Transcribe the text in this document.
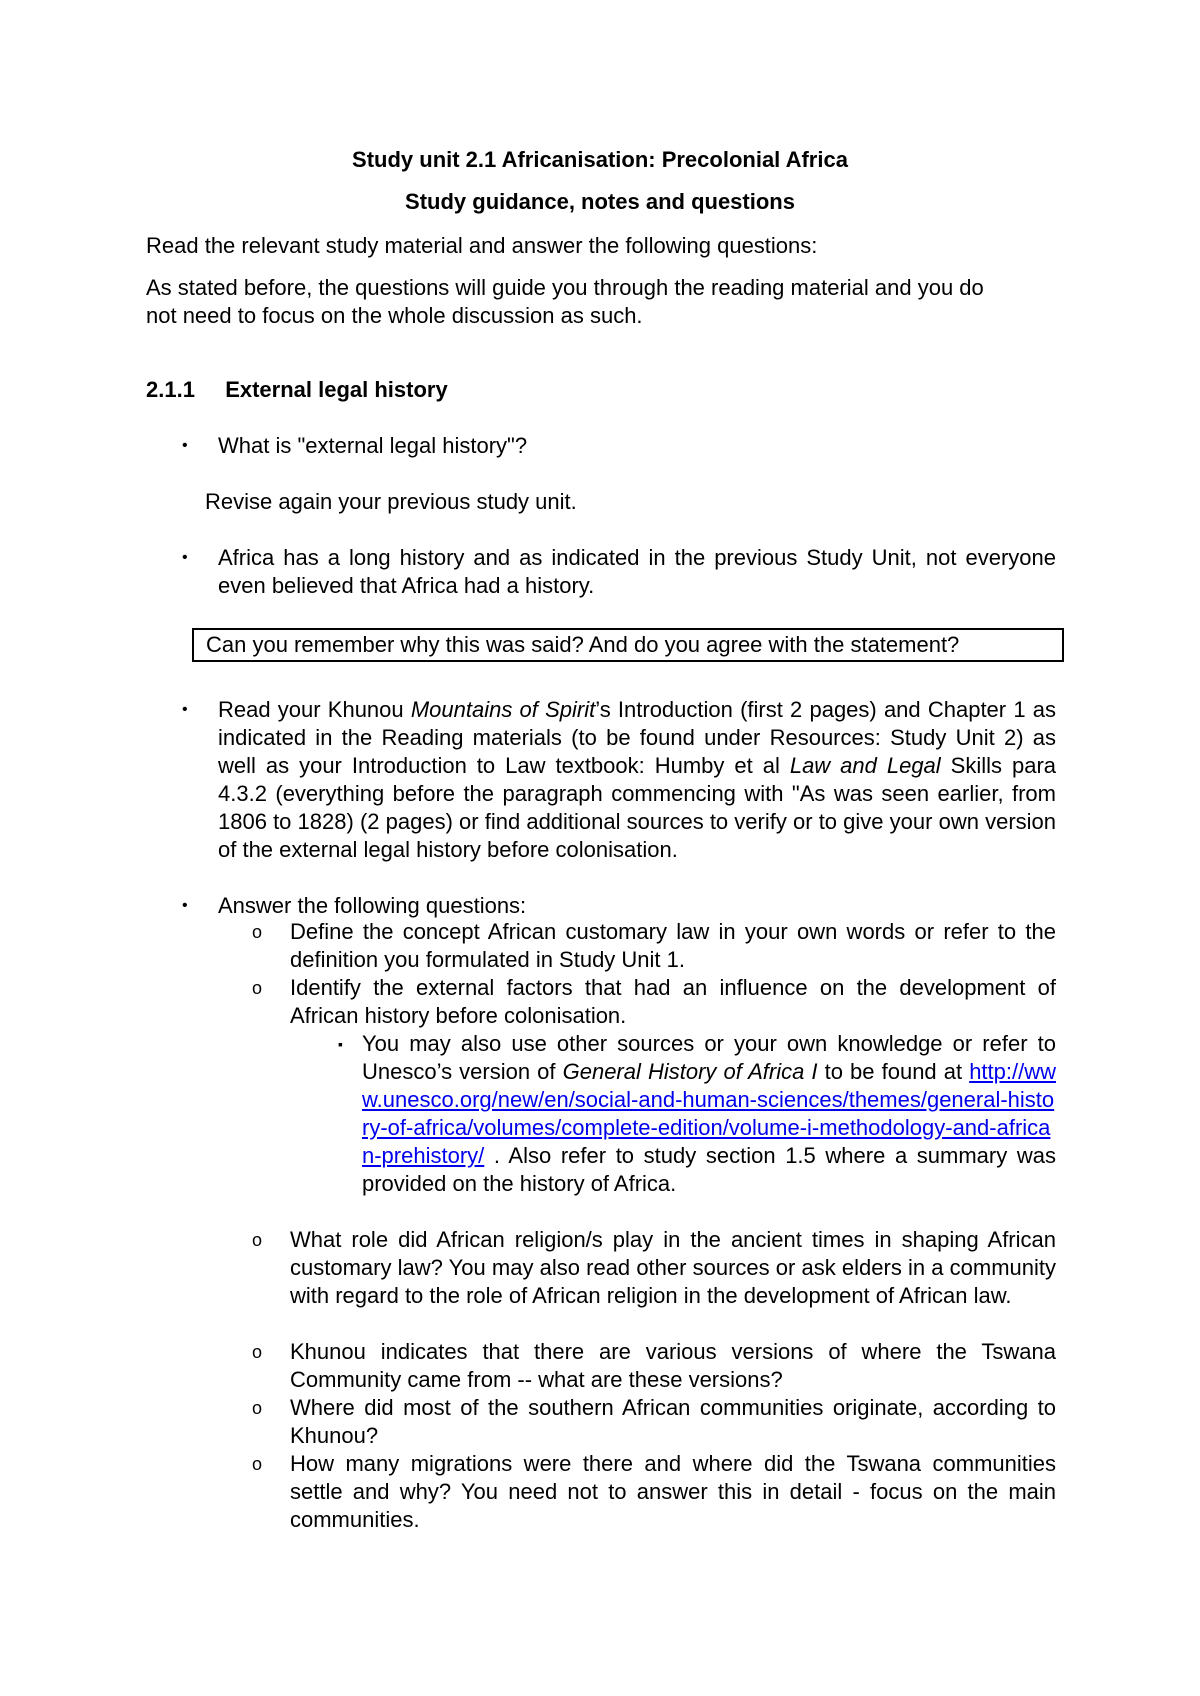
Study unit 2.1 Africanisation: Precolonial Africa

Study guidance, notes and questions

Read the relevant study material and answer the following questions:

As stated before, the questions will guide you through the reading material and you do

not need to focus on the whole discussion as such.

2.1.1 External legal history
• What is "external legal history"?

Revise again your previous study unit.

• Africa has a long history and as indicated in the previous Study Unit, not everyone even believed that Africa had a history.

Can you remember why this was said? And do you agree with the statement?
• Read your Khunou Mountains of Spirit’s Introduction (first 2 pages) and Chapter 1 as indicated in the Reading materials (to be found under Resources: Study Unit 2) as well as your Introduction to Law textbook: Humby et al Law and Legal Skills para 4.3.2 (everything before the paragraph commencing with "As was seen earlier, from 1806 to 1828) (2 pages) or find additional sources to verify or to give your own version of the external legal history before colonisation.

• Answer the following questions:

o Define the concept African customary law in your own words or refer to the definition you formulated in Study Unit 1.

o Identify the external factors that had an influence on the development of African history before colonisation.

▪ You may also use other sources or your own knowledge or refer to Unesco’s version of General History of Africa I to be found at http://www.unesco.org/new/en/social-and-human-sciences/themes/general-history-of-africa/volumes/complete-edition/volume-i-methodology-and-african-prehistory/ . Also refer to study section 1.5 where a summary was provided on the history of Africa.

o What role did African religion/s play in the ancient times in shaping African customary law? You may also read other sources or ask elders in a community with regard to the role of African religion in the development of African law.

o Khunou indicates that there are various versions of where the Tswana Community came from -- what are these versions?

o Where did most of the southern African communities originate, according to Khunou?

o How many migrations were there and where did the Tswana communities settle and why? You need not to answer this in detail - focus on the main communities.
